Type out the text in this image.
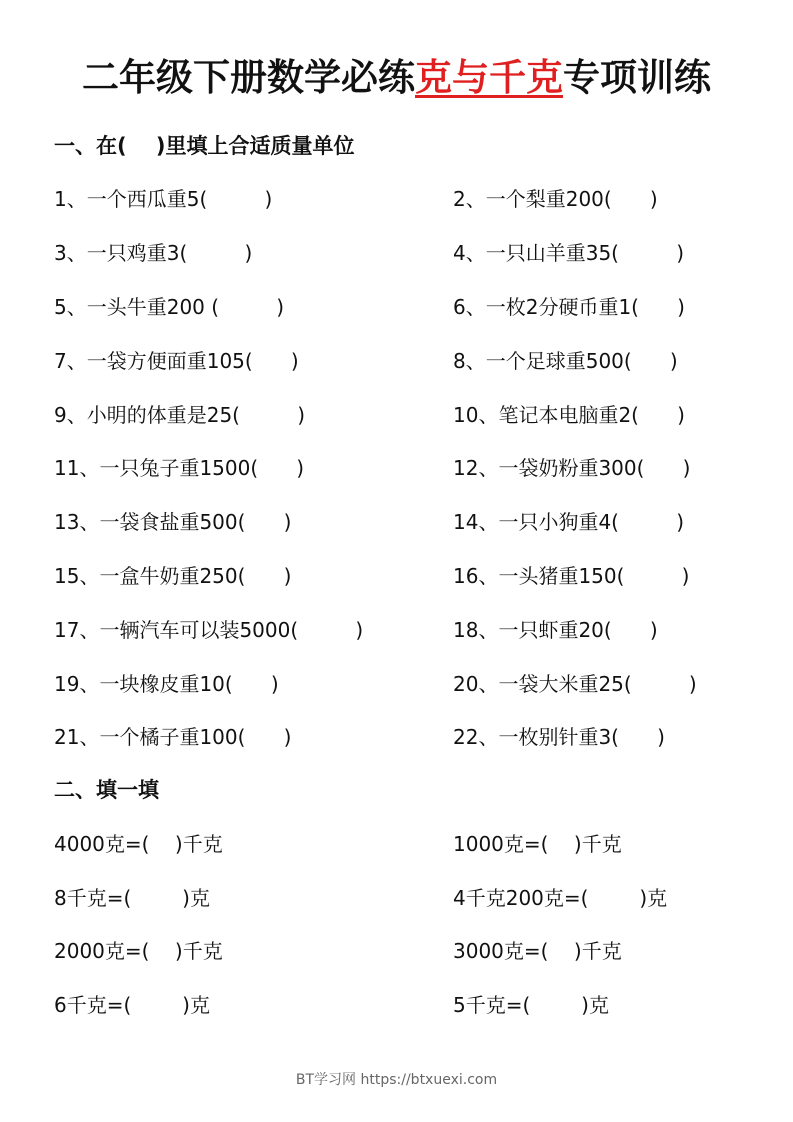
二年级下册数学必练克与千克专项训练
一、在(    )里填上合适质量单位
1、一个西瓜重5(         )
3、一只鸡重3(         )
5、一头牛重200 (         )
7、一袋方便面重105(      )
9、小明的体重是25(         )
11、一只兔子重1500(      )
13、一袋食盐重500(      )
15、一盒牛奶重250(      )
17、一辆汽车可以装5000(         )
19、一块橡皮重10(      )
21、一个橘子重100(      )
2、一个梨重200(      )
4、一只山羊重35(         )
6、一枚2分硬币重1(      )
8、一个足球重500(      )
10、笔记本电脑重2(      )
12、一袋奶粉重300(      )
14、一只小狗重4(         )
16、一头猪重150(         )
18、一只虾重20(      )
20、一袋大米重25(         )
22、一枚别针重3(      )
二、填一填
4000克=(    )千克
8千克=(        )克
2000克=(    )千克
6千克=(        )克
1000克=(    )千克
4千克200克=(        )克
3000克=(    )千克
5千克=(        )克
BT学习网 https://btxuexi.com
